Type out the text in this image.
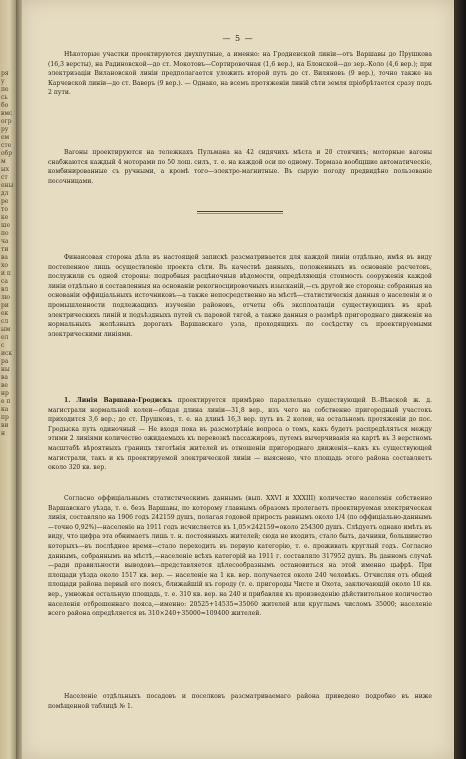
ря
у
пе
сь
бо
вмс
огр
ру
ем
сте
обр
м
ых
ст
ены
дл
ре
то
ке
ше
по
ча
ти
ва
хо
и п
са
вл
лю
ри
ек
сл
ым
ел
с
иск
ра
ны
ва
ве
нр
е п
ка
пр
ви
н
— 5 —

Нѣкоторые участки проектируются двухпутные, а именно: на Гродненской линіи—отъ Варшавы до Прушкова (16,3 версты), на Радиновской—до ст. Мокотовъ—Сортировочная (1,6 вер.), на Блонской—до зер.-Коло (4,6 вер.); при электризаціи Вилановской линіи предполагается уложить второй путь до ст. Виляновъ (9 вер.), точно также на Карчевской линіи—до ст. Ваверъ (9 вер.). — Однако, на всемъ протяженіи линій сѣти земля пріобрѣтается сразу подъ 2 пути.

Вагоны проектируются на тележкахъ Пульмана на 42 сидячихъ мѣста и 20 стоячихъ; моторные вагоны снабжаются каждый 4 моторами по 50 лош. силъ, т. е. на каждой оси по одному. Тормаза вообщшие автоматическіе, комбинированные съ ручными, а кромѣ того—электро-магнитные. Въ сырую погоду предвидѣно пользованіе песочницами.

Финансовая сторона дѣла въ настоящей запискѣ разсматривается для каждой линіи отдѣльно, имѣя въ виду постепенное лишь осуществленіе проекта сѣти. Въ качествѣ данныхъ, положенныхъ въ основаніе расчетовъ, послужили съ одной стороны: подробныя расцѣночныя вѣдомости, опредѣляющія стоимость сооруженія каждой линіи отдѣльно и составленныя на основаніи рекогносцировочныхъ изысканій,—съ другой же стороны: собранныя на основаніи оффиціальныхъ источниковъ—а также непосредственно на мѣстѣ—статистическія данныя о населеніи и о промышленности подлежащихъ изученію районовъ, отчеты объ эксплоатаціи существующихъ въ краѣ электрическихъ линій и подъѣздныхъ путей съ паровой тягой, а также данныя о размѣрѣ пригороднаго движенія на нормальныхъ желѣзныхъ дорогахъ Варшавскаго узла, проходящихъ по сосѣдству съ проектируемыми электрическими линіями.

1. Линія Варшава-Гродискъ проектируется примѣрно параллельно существующей В.-Вѣнской ж. д. магистрали нормальной колеи—общая длина линіи—31,8 вер., изъ чего на собственно пригородный участокъ приходится 3,6 вер.; до ст. Прушковъ, т. е. на длинѣ 16,3 вер. путь въ 2 колеи, на остальномъ протяженіи до пос. Гродыска путь одиночный — Не входя пока въ разсмотрѣніе вопроса о томъ, какъ будетъ распредѣляться между этими 2 линіями количество ожидаемыхъ къ перевозкѣ пассажировъ, путемъ вычерчиванія на картѣ въ 3 верстномъ масштабѣ вѣроятныхъ границъ тяготѣнія жителей въ отношеніи пригороднаго движенія—какъ къ существующей магистрали, такъ и къ проектируемой электрической линіи — выяснено, что площадь этого района составляетъ около 320 кв. вер.

Согласно оффиціальнымъ статистическимъ даннымъ (вып. XXVI и XXXIII) количество населенія собственно Варшавскаго уѣзда, т. е. безъ Варшавы, по которому главнымъ образомъ пролегаетъ проектируемая электрическая линія, составляло на 1906 годъ 242159 душъ, полагая годовой прирость равнымъ около 1/4 (по оффиціально-даннымъ—точно 0,92%)—населеніе на 1911 годъ исчисляется въ 1,05×242159=около 254300 душъ. Слѣдуетъ однако имѣть въ виду, что цифра эта обнимаетъ лишь т. н. постоянныхъ жителей; сюда не входить, стало быть, дачники, большинство которыхъ—въ послѣднее время—стало переходить въ первую категорію, т. е. проживать круглый годъ. Согласно даннымъ, собраннымъ на мѣстѣ,—населеніе всѣхъ категорій на 1911 г. составляло 317952 душъ. Въ данномъ случаѣ—ради правильности выводовъ—представляется цѣлесообразнымъ остановиться на этой именно цыфрѣ. При площади уѣзда около 1517 кв. вер. — населеніе на 1 кв. вер. получается около 240 человѣкъ. Отчисляя отъ общей площади района первый его поясъ, ближайшій къ городу (т. е. пригороды Чисте и Охота, заключающій около 10 кв. вер., умножая остальную площадь, т. е. 310 кв. вер. на 240 и прибавляя къ произведенію дѣйствительное количество населенія отброшеннаго пояса,—именно: 20525+14535=35060 жителей или круглымъ числомъ 35000; населеніе всего района опредѣляется въ 310×240+35000=109400 жителей.

Населеніе отдѣльныхъ посадовъ и поселковъ разсматриваемаго района приведено подробно въ ниже помѣщенной таблицѣ № 1.
